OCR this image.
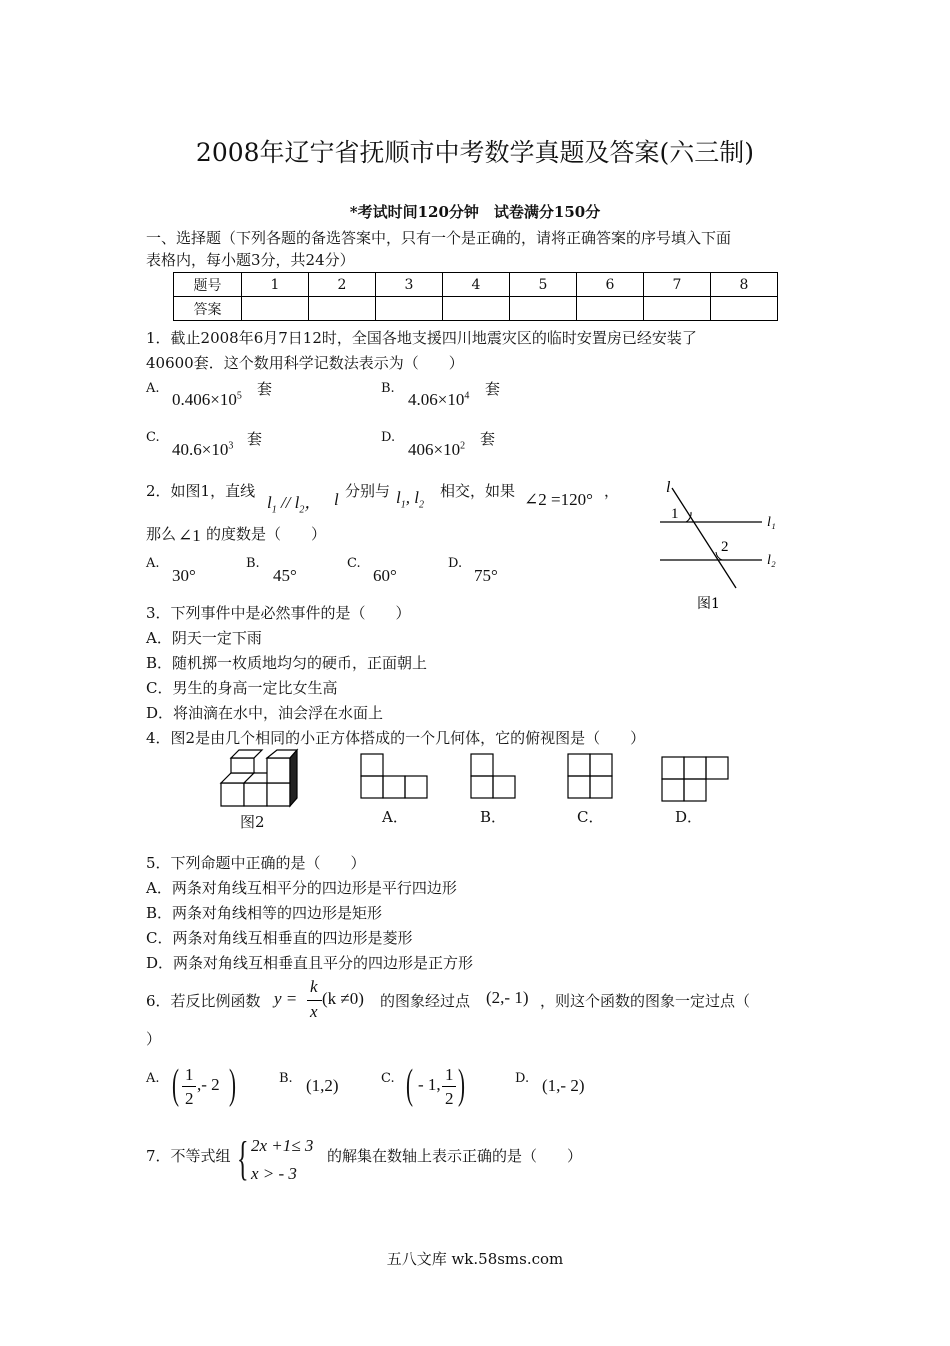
2008年辽宁省抚顺市中考数学真题及答案(六三制)
*考试时间120分钟　试卷满分150分
一、选择题（下列各题的备选答案中，只有一个是正确的，请将正确答案的序号填入下面
表格内，每小题3分，共24分）
题号	1	2	3	4	5	6	7	8
答案								
1．截止2008年6月7日12时，全国各地支援四川地震灾区的临时安置房已经安装了
40600套．这个数用科学记数法表示为（　　）
A.
$0.406\times 10^5$ 套	B.
$4.06\times 10^4$ 套
C.
$40.6\times 10^3$ 套	D.
$406\times 10^2$ 套
2．如图1，直线
$l_1 // l_2$， l 分别与 $l_1$, $l_2$
相交，如果 ∠2 =120° ，
那么 ∠1 的度数是（　　）
A.
30°
B.
45°
C.
60°
D.
75°
l
1
2
l₁
l₂
图1
3．下列事件中是必然事件的是（　　）
A．阴天一定下雨
B．随机掷一枚质地均匀的硬币，正面朝上
C．男生的身高一定比女生高
D．将油滴在水中，油会浮在水面上
4．图2是由几个相同的小正方体搭成的一个几何体，它的俯视图是（　　）
图2	A．	B．	C．	D．
5．下列命题中正确的是（　　）
A．两条对角线互相平分的四边形是平行四边形
B．两条对角线相等的四边形是矩形
C．两条对角线互相垂直的四边形是菱形
D．两条对角线互相垂直且平分的四边形是正方形
6．若反比例函数 y =
k
x
(k ≠0) 的图象经过点 (2,- 1) ，则这个函数的图象一定过点（
）
A. ( 1
2
,- 2 )	B. (1,2)	C. ( - 1,
1
2 )	D. (1,- 2)
7．不等式组 { 2x +1≤ 3
x > - 3
的解集在数轴上表示正确的是（　　）
五八文库 wk.58sms.com
